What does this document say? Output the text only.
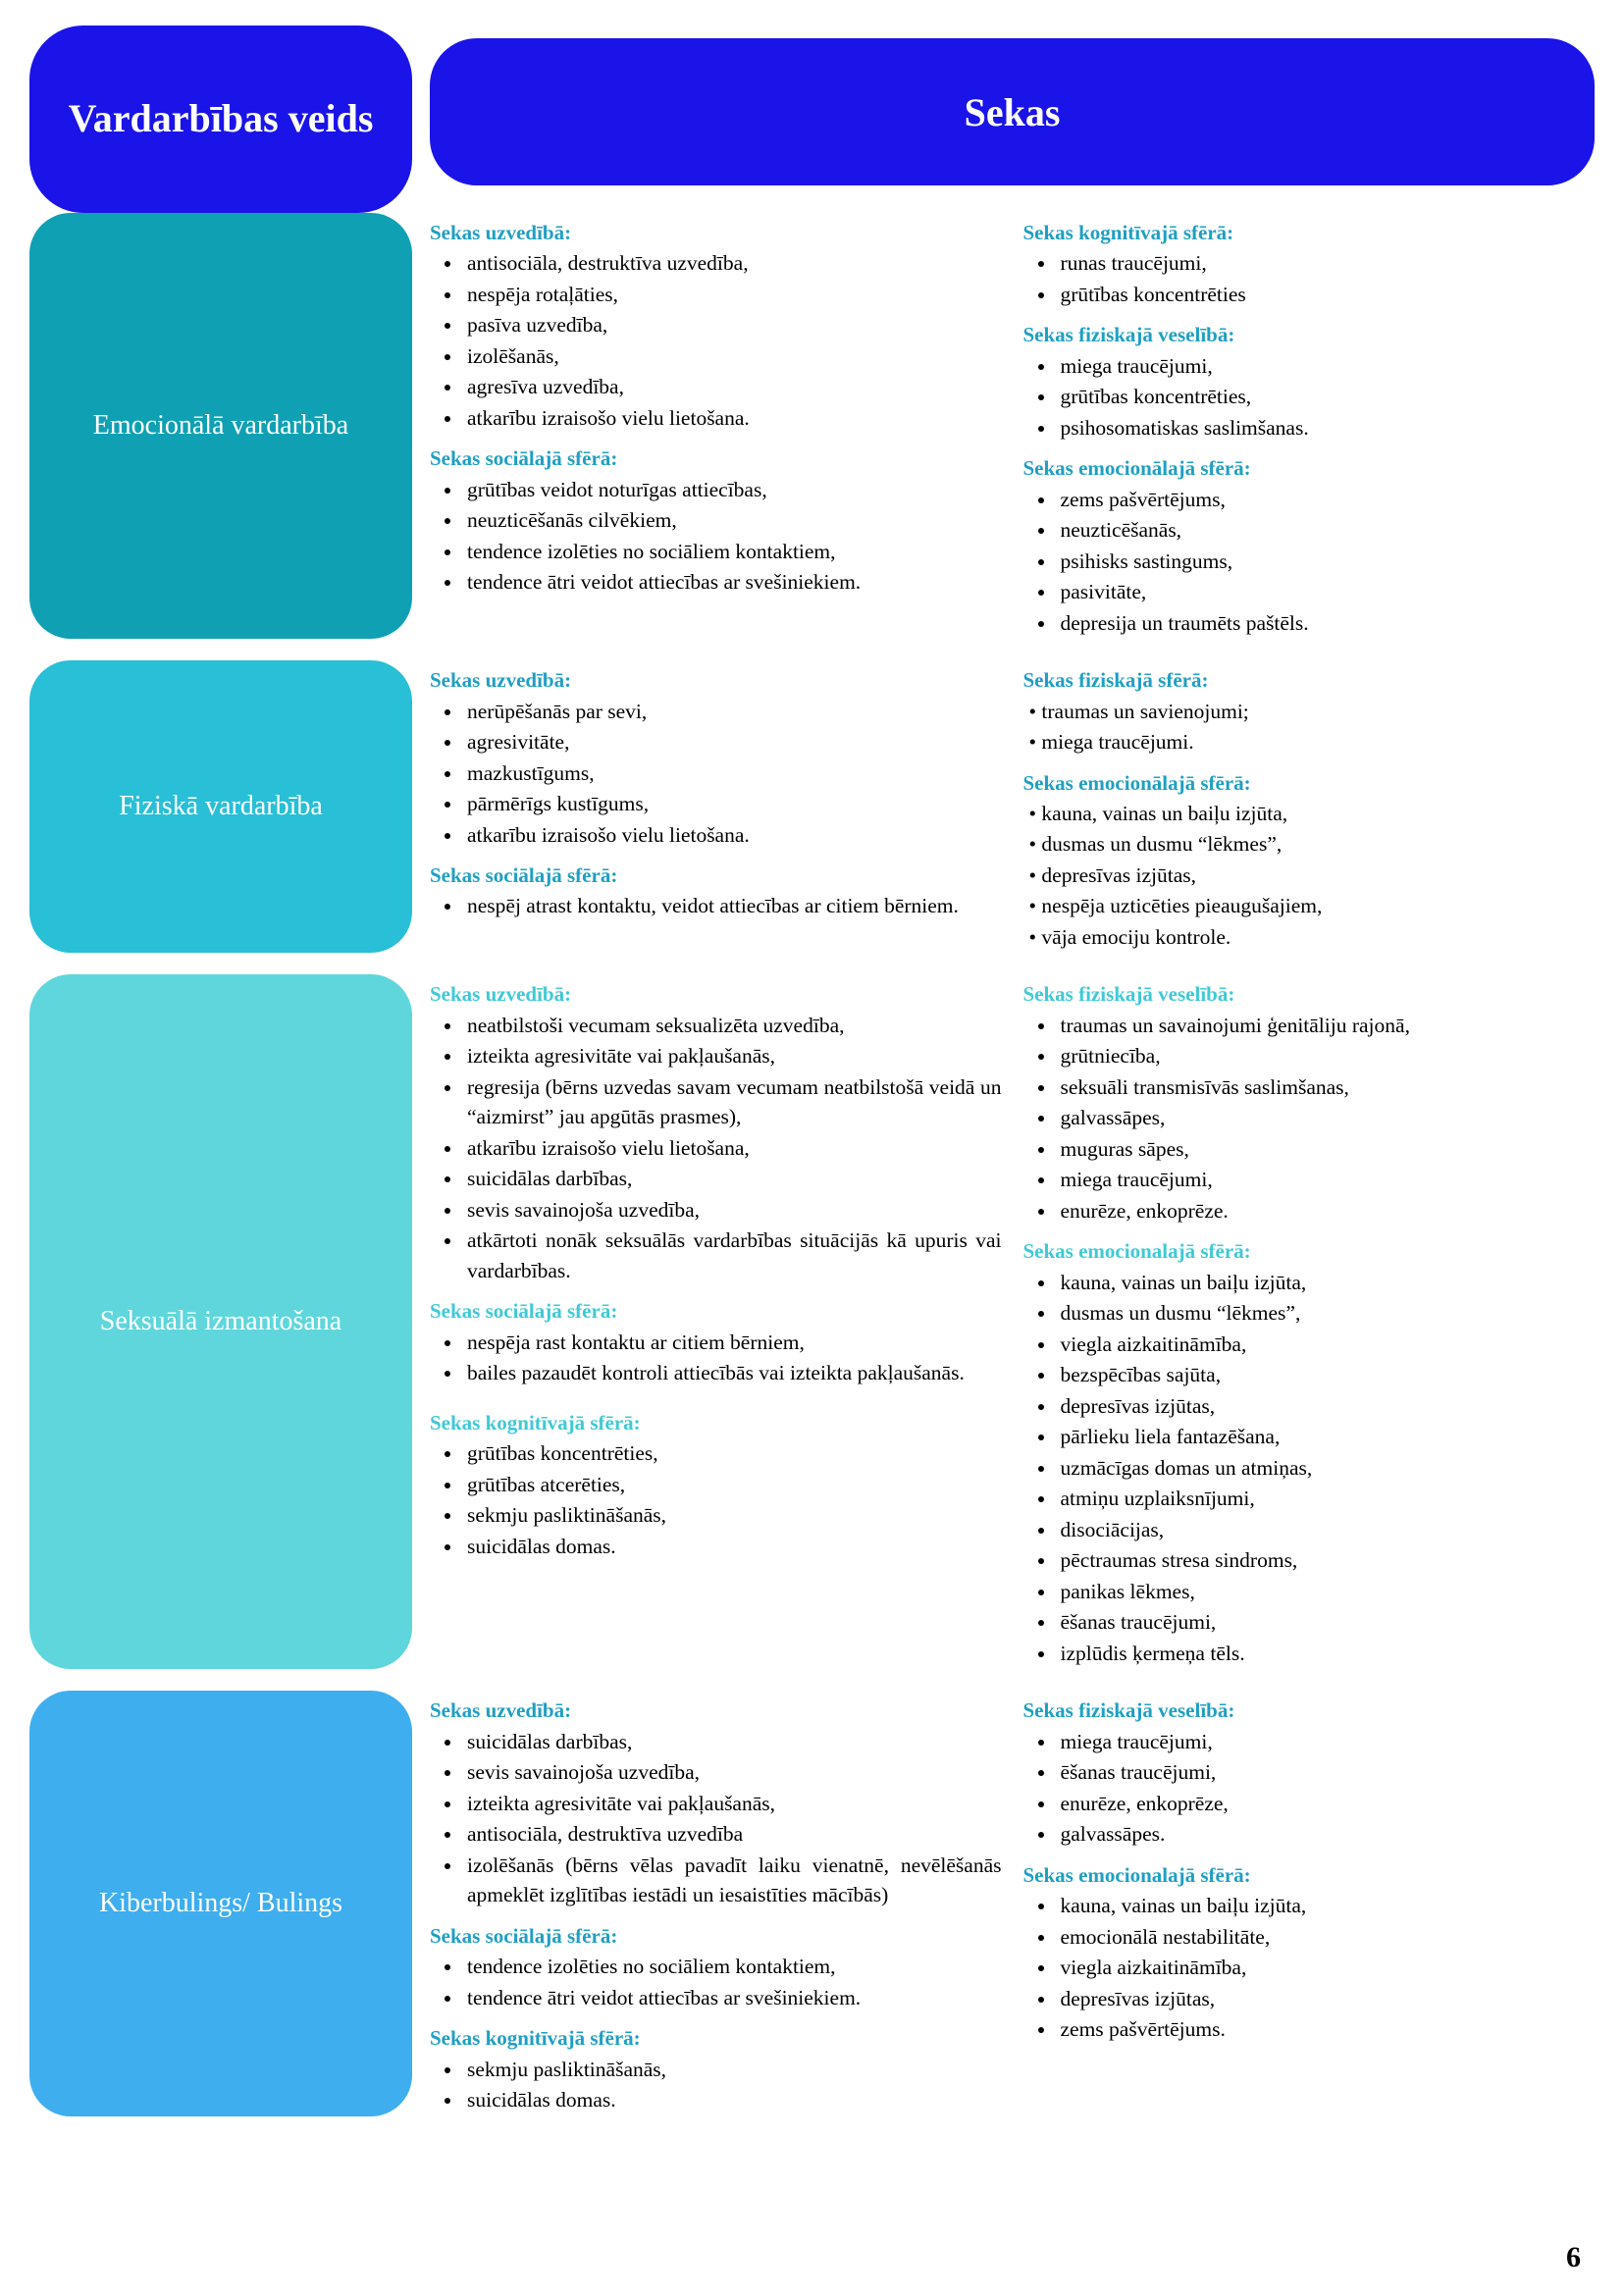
Vardarbības veids	Sekas
Emocionālā vardarbība
Sekas uzvedībā:
• antisociāla, destruktīva uzvedība,
• nespēja rotaļāties,
• pasīva uzvedība,
• izolēšanās,
• agresīva uzvedība,
• atkarību izraisošo vielu lietošana.
Sekas sociālajā sfērā:
• grūtības veidot noturīgas attiecības,
• neuzticēšanās cilvēkiem,
• tendence izolēties no sociāliem kontaktiem,
• tendence ātri veidot attiecības ar svešiniekiem.
Sekas kognitīvajā sfērā:
• runas traucējumi,
• grūtības koncentrēties
Sekas fiziskajā veselībā:
• miega traucējumi,
• grūtības koncentrēties,
• psihosomatiskas saslimšanas.
Sekas emocionālajā sfērā:
• zems pašvērtējums,
• neuzticēšanās,
• psihisks sastingums,
• pasivitāte,
• depresija un traumēts paštēls.
Fiziskā vardarbība
Sekas uzvedībā:
• nerūpēšanās par sevi,
• agresivitāte,
• mazkustīgums,
• pārmērīgs kustīgums,
• atkarību izraisošo vielu lietošana.
Sekas sociālajā sfērā:
• nespēj atrast kontaktu, veidot attiecības ar citiem bērniem.
Sekas fiziskajā sfērā:
• traumas un savienojumi;
• miega traucējumi.
Sekas emocionālajā sfērā:
• kauna, vainas un baiļu izjūta,
• dusmas un dusmu “lēkmes”,
• depresīvas izjūtas,
• nespēja uzticēties pieaugušajiem,
• vāja emociju kontrole.
Seksuālā izmantošana
Sekas uzvedībā:
• neatbilstoši vecumam seksualizēta uzvedība,
• izteikta agresivitāte vai pakļaušanās,
• regresija (bērns uzvedas savam vecumam neatbilstošā veidā un “aizmirst” jau apgūtās prasmes),
• atkarību izraisošo vielu lietošana,
• suicidālas darbības,
• sevis savainojoša uzvedība,
• atkārtoti nonāk seksuālās vardarbības situācijās kā upuris vai vardarbības.
Sekas sociālajā sfērā:
• nespēja rast kontaktu ar citiem bērniem,
• bailes pazaudēt kontroli attiecībās vai izteikta pakļaušanās.
Sekas kognitīvajā sfērā:
• grūtības koncentrēties,
• grūtības atcerēties,
• sekmju pasliktināšanās,
• suicidālas domas.
Sekas fiziskajā veselībā:
• traumas un savainojumi ģenitāliju rajonā,
• grūtniecība,
• seksuāli transmisīvās saslimšanas,
• galvassāpes,
• muguras sāpes,
• miega traucējumi,
• enurēze, enkoprēze.
Sekas emocionalajā sfērā:
• kauna, vainas un baiļu izjūta,
• dusmas un dusmu “lēkmes”,
• viegla aizkaitināmība,
• bezspēcības sajūta,
• depresīvas izjūtas,
• pārlieku liela fantazēšana,
• uzmācīgas domas un atmiņas,
• atmiņu uzplaiksnījumi,
• disociācijas,
• pēctraumas stresa sindroms,
• panikas lēkmes,
• ēšanas traucējumi,
• izplūdis ķermeņa tēls.
Kiberbulings/ Bulings
Sekas uzvedībā:
• suicidālas darbības,
• sevis savainojoša uzvedība,
• izteikta agresivitāte vai pakļaušanās,
• antisociāla, destruktīva uzvedība
• izolēšanās (bērns vēlas pavadīt laiku vienatnē, nevēlēšanās apmeklēt izglītības iestādi un iesaistīties mācībās)
Sekas sociālajā sfērā:
• tendence izolēties no sociāliem kontaktiem,
• tendence ātri veidot attiecības ar svešiniekiem.
Sekas kognitīvajā sfērā:
• sekmju pasliktināšanās,
• suicidālas domas.
Sekas fiziskajā veselībā:
• miega traucējumi,
• ēšanas traucējumi,
• enurēze, enkoprēze,
• galvassāpes.
Sekas emocionalajā sfērā:
• kauna, vainas un baiļu izjūta,
• emocionālā nestabilitāte,
• viegla aizkaitināmība,
• depresīvas izjūtas,
• zems pašvērtējums.
6
